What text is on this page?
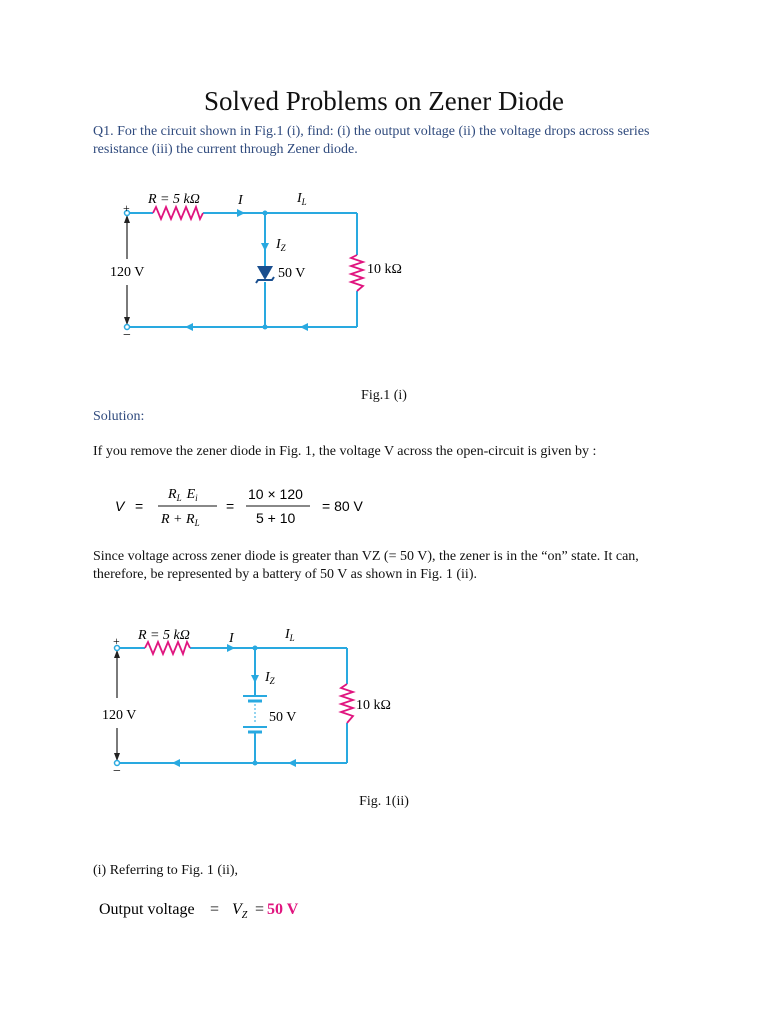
Solved Problems on Zener Diode
Q1. For the circuit shown in Fig.1 (i), find: (i) the output voltage (ii) the voltage drops across series resistance (iii) the current through Zener diode.
+
−
R = 5 kΩ	I	$I_L$
$I_Z$
120 V	50 V	10 kΩ
Fig.1 (i)
Solution:
If you remove the zener diode in Fig. 1, the voltage V across the open-circuit is given by :
V =
$R_L$ $E_i$
$R + R_L$
=
10 × 120
5 + 10
= 80 V
Since voltage across zener diode is greater than VZ (= 50 V), the zener is in the “on” state. It can,
therefore, be represented by a battery of 50 V as shown in Fig. 1 (ii).
+
−
R = 5 kΩ	I	$I_L$
$I_Z$
120 V	50 V
10 kΩ
Fig. 1(ii)
(i) Referring to Fig. 1 (ii),
Output voltage = $V_Z = 50$ V
